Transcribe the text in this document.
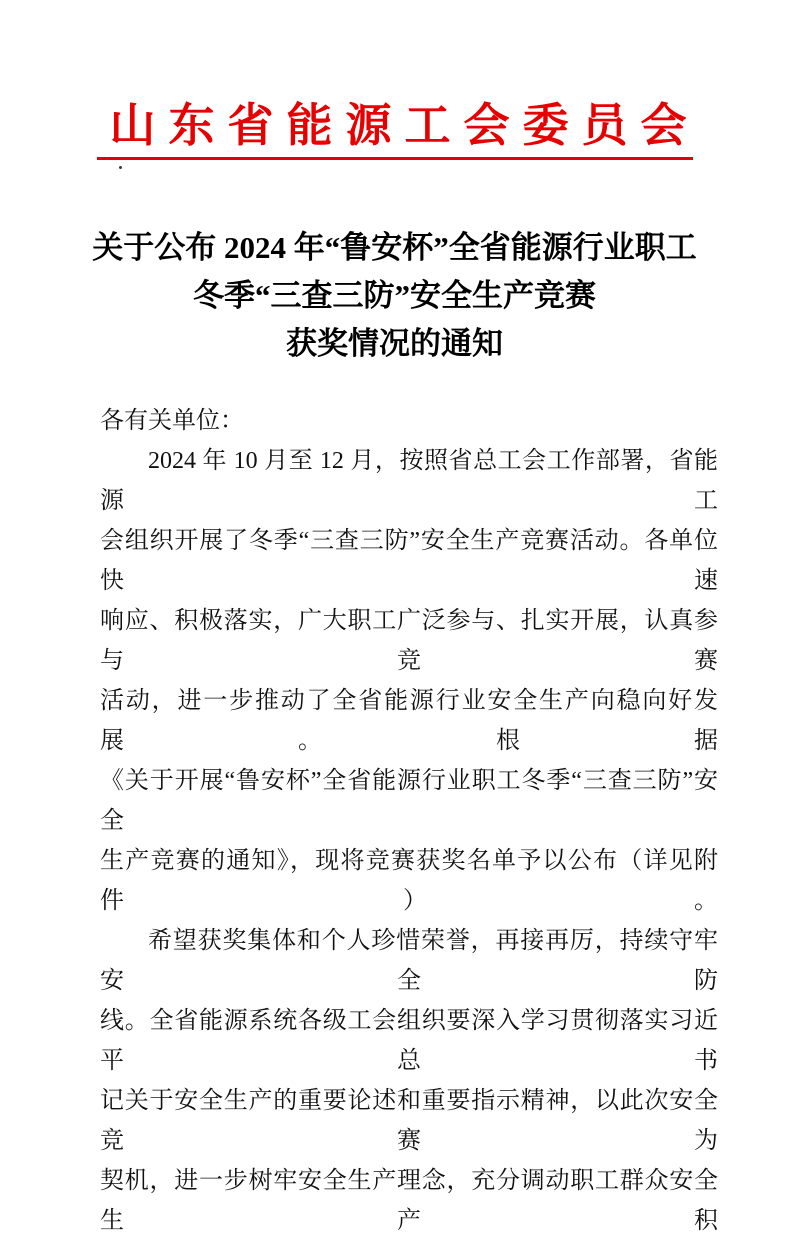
山东省能源工会委员会
关于公布 2024 年“鲁安杯”全省能源行业职工
冬季“三查三防”安全生产竞赛
获奖情况的通知

各有关单位：

2024 年 10 月至 12 月，按照省总工会工作部署，省能源工
会组织开展了冬季“三查三防”安全生产竞赛活动。各单位快速
响应、积极落实，广大职工广泛参与、扎实开展，认真参与竞赛
活动，进一步推动了全省能源行业安全生产向稳向好发展。根据
《关于开展“鲁安杯”全省能源行业职工冬季“三查三防”安全
生产竞赛的通知》，现将竞赛获奖名单予以公布（详见附件）。
希望获奖集体和个人珍惜荣誉，再接再厉，持续守牢安全防
线。全省能源系统各级工会组织要深入学习贯彻落实习近平总书
记关于安全生产的重要论述和重要指示精神，以此次安全竞赛为
契机，进一步树牢安全生产理念，充分调动职工群众安全生产积
